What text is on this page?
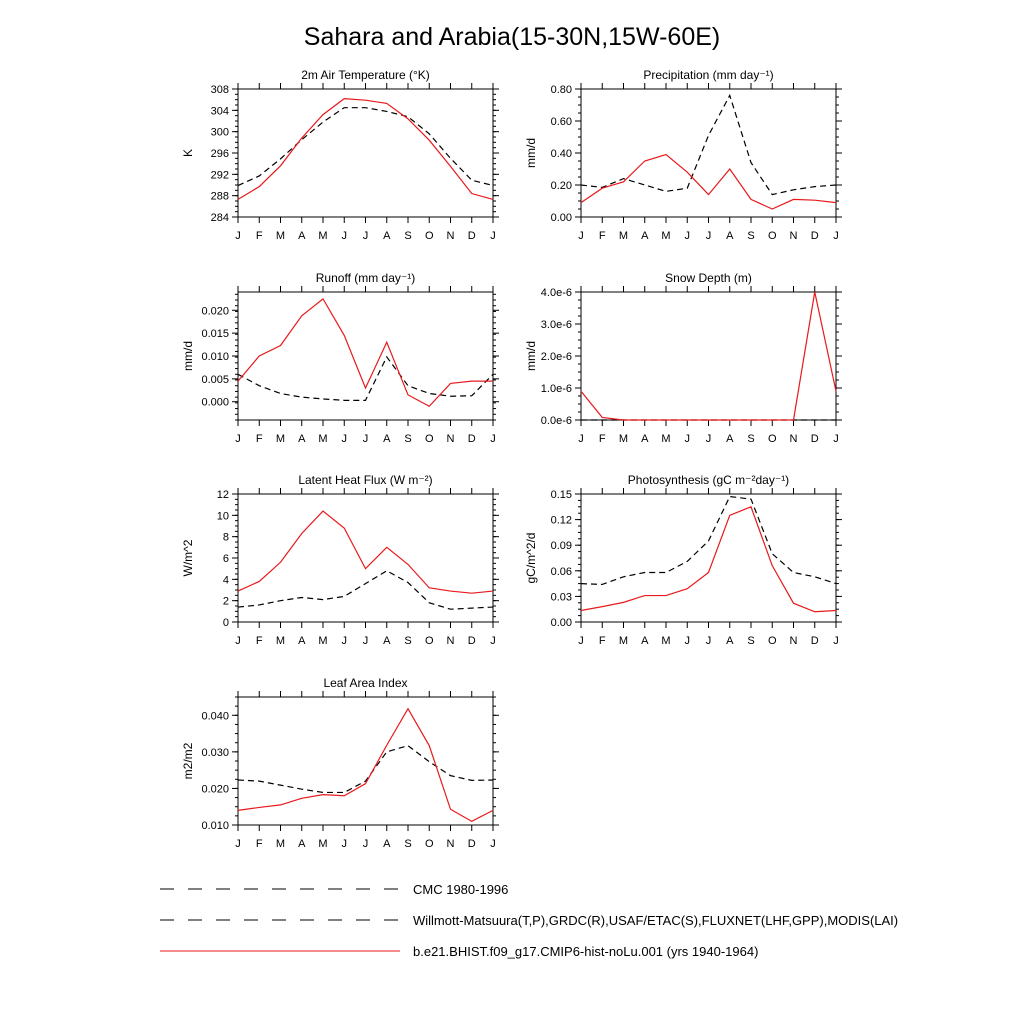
Sahara and Arabia(15-30N,15W-60E)
J F M A M J J A S O N D J
284
288
292
296
300
304
308
2m Air Temperature (°K)
K
J F M A M J J A S O N D J
0.00
0.20
0.40
0.60
0.80
Precipitation (mm day⁻¹)
mm/d
J F M A M J J A S O N D J
0.000
0.005
0.010
0.015
0.020
Runoff (mm day⁻¹)
mm/d
J F M A M J J A S O N D J
0.0e-6
1.0e-6
2.0e-6
3.0e-6
4.0e-6
Snow Depth (m)
mm/d
J F M A M J J A S O N D J
0
2
4
6
8
10
12
Latent Heat Flux (W m⁻²)
W/m^2
J F M A M J J A S O N D J
0.00
0.03
0.06
0.09
0.12
0.15
Photosynthesis (gC m⁻²day⁻¹)
gC/m^2/d
J F M A M J J A S O N D J
0.010
0.020
0.030
0.040
Leaf Area Index
m2/m2
CMC 1980-1996
Willmott-Matsuura(T,P),GRDC(R),USAF/ETAC(S),FLUXNET(LHF,GPP),MODIS(LAI)
b.e21.BHIST.f09_g17.CMIP6-hist-noLu.001 (yrs 1940-1964)
